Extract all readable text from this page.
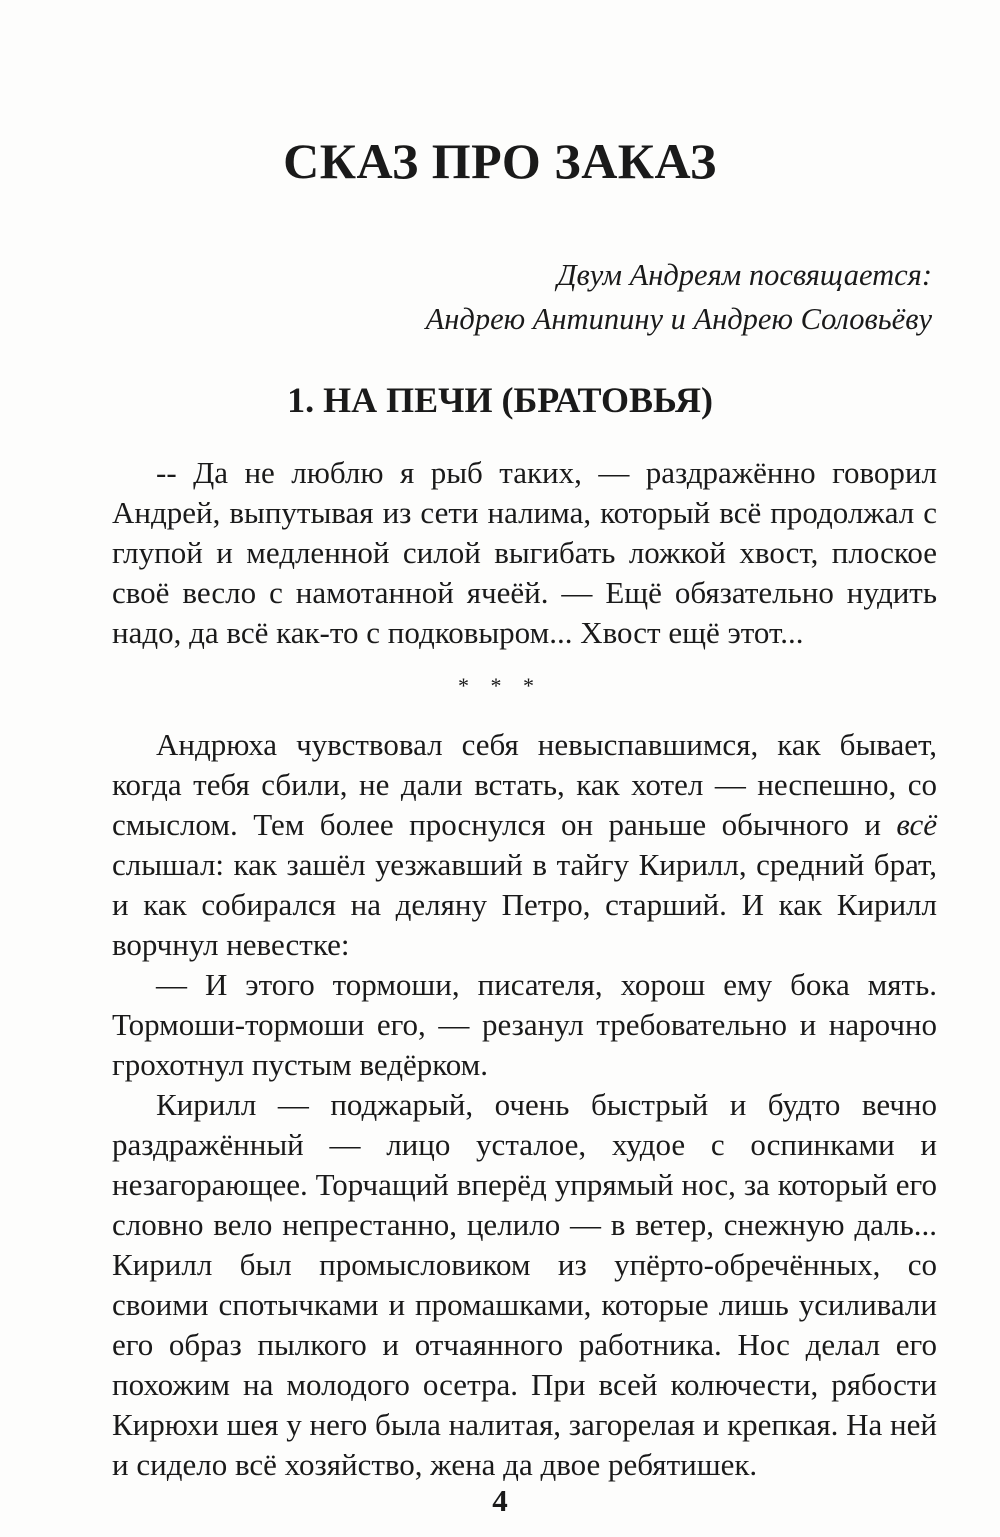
СКАЗ ПРО ЗАКАЗ
Двум Андреям посвящается:
Андрею Антипину и Андрею Соловьёву
1. НА ПЕЧИ (БРАТОВЬЯ)

-- Да не люблю я рыб таких, — раздражённо говорил Андрей, выпутывая из сети налима, который всё продолжал с глупой и медленной силой выгибать ложкой хвост, плоское своё весло с намотанной ячеёй. — Ещё обязательно нудить надо, да всё как-то с подковыром... Хвост ещё этот...

* * *

Андрюха чувствовал себя невыспавшимся, как бывает, когда тебя сбили, не дали встать, как хотел — неспешно, со смыслом. Тем более проснулся он раньше обычного и всё слышал: как зашёл уезжавший в тайгу Кирилл, средний брат, и как собирался на деляну Петро, старший. И как Кирилл ворчнул невестке:

— И этого тормоши, писателя, хорош ему бока мять. Тормоши-тормоши его, — резанул требовательно и нарочно грохотнул пустым ведёрком.

Кирилл — поджарый, очень быстрый и будто вечно раздражённый — лицо усталое, худое с оспинками и незагорающее. Торчащий вперёд упрямый нос, за который его словно вело непрестанно, целило — в ветер, снежную даль... Кирилл был промысловиком из упёрто-обречённых, со своими спотычками и промашками, которые лишь усиливали его образ пылкого и отчаянного работника. Нос делал его похожим на молодого осетра. При всей колючести, рябости Кирюхи шея у него была налитая, загорелая и крепкая. На ней и сидело всё хозяйство, жена да двое ребятишек.

4
